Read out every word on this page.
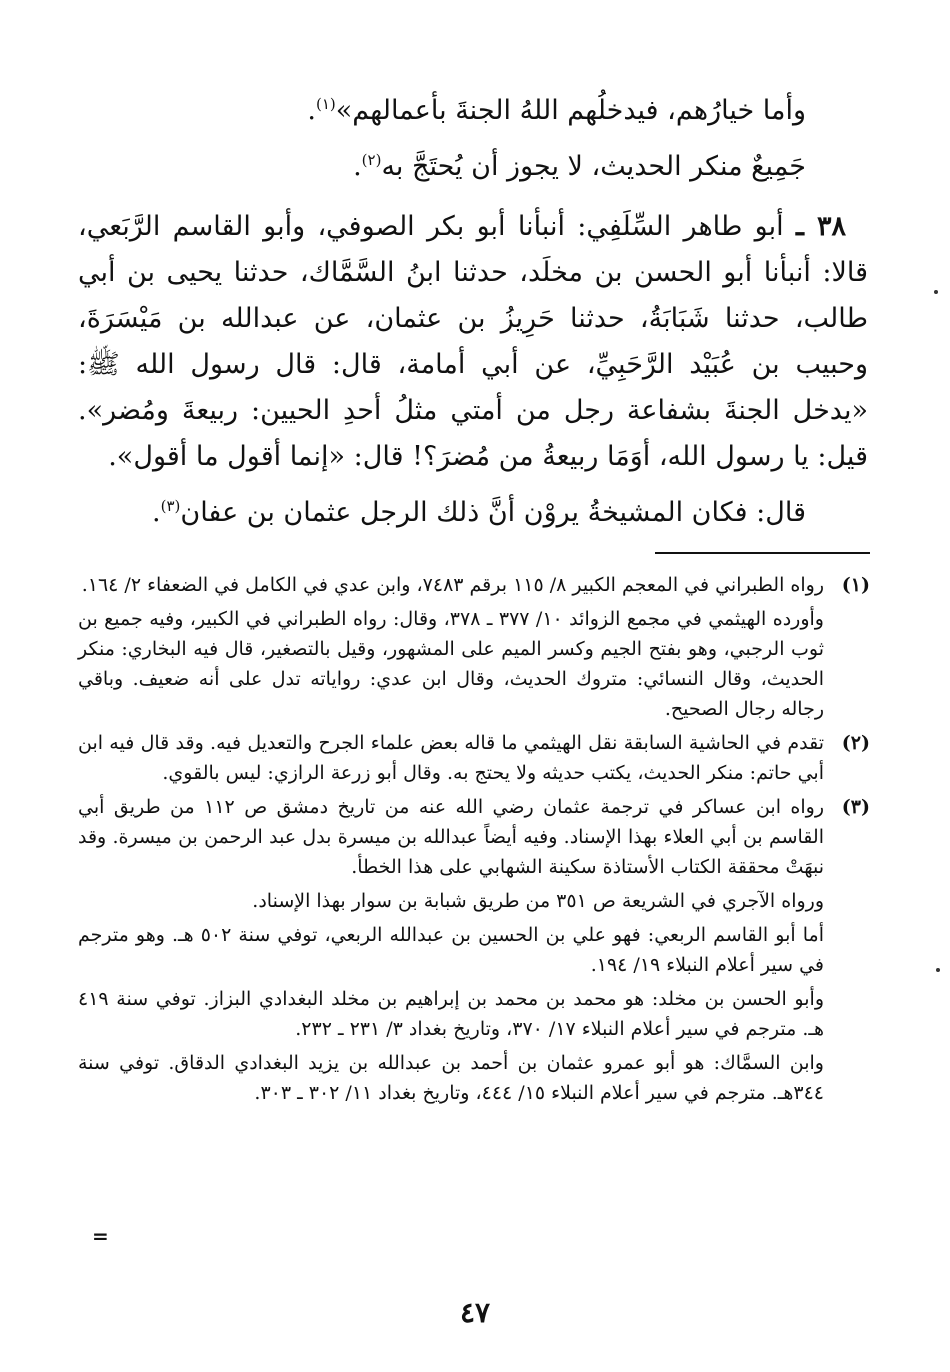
وأما خيارُهم، فيدخلُهم اللهُ الجنةَ بأعمالهم»$^{(١)}$.

جَمِيعٌ منكر الحديث، لا يجوز أن يُحتَجَّ به$^{(٢)}$.

٣٨ ـ أبو طاهر السِّلَفِي: أنبأنا أبو بكر الصوفي، وأبو القاسم الرَّبَعي، قالا: أنبأنا أبو الحسن بن مخلَد، حدثنا ابنُ السَّمَّاك، حدثنا يحيى بن أبي طالب، حدثنا شَبَابَةُ، حدثنا حَرِيزُ بن عثمان، عن عبدالله بن مَيْسَرَةَ، وحبيب بن عُبَيْد الرَّحَبِيِّ، عن أبي أمامة، قال: قال رسول الله ﷺ: «يدخل الجنةَ بشفاعة رجل من أمتي مثلُ أحدِ الحيين: ربيعةَ ومُضر». قيل: يا رسول الله، أوَمَا ربيعةُ من مُضرَ؟! قال: «إنما أقول ما أقول».

قال: فكان المشيخةُ يروْن أنَّ ذلك الرجل عثمان بن عفان$^{(٣)}$.

(١)

رواه الطبراني في المعجم الكبير ٨/ ١١٥ برقم ٧٤٨٣، وابن عدي في الكامل في الضعفاء ٢/ ١٦٤.

وأورده الهيثمي في مجمع الزوائد ١٠/ ٣٧٧ ـ ٣٧٨، وقال: رواه الطبراني في الكبير، وفيه جميع بن ثوب الرجبي، وهو بفتح الجيم وكسر الميم على المشهور، وقيل بالتصغير، قال فيه البخاري: منكر الحديث، وقال النسائي: متروك الحديث، وقال ابن عدي: رواياته تدل على أنه ضعيف. وباقي رجاله رجال الصحيح.

(٢)

تقدم في الحاشية السابقة نقل الهيثمي ما قاله بعض علماء الجرح والتعديل فيه. وقد قال فيه ابن أبي حاتم: منكر الحديث، يكتب حديثه ولا يحتج به. وقال أبو زرعة الرازي: ليس بالقوي.

(٣)

رواه ابن عساكر في ترجمة عثمان رضي الله عنه من تاريخ دمشق ص ١١٢ من طريق أبي القاسم بن أبي العلاء بهذا الإسناد. وفيه أيضاً عبدالله بن ميسرة بدل عبد الرحمن بن ميسرة. وقد نبهَتْ محققة الكتاب الأستاذة سكينة الشهابي على هذا الخطأ.

ورواه الآجري في الشريعة ص ٣٥١ من طريق شبابة بن سوار بهذا الإسناد.

أما أبو القاسم الربعي: فهو علي بن الحسين بن عبدالله الربعي، توفي سنة ٥٠٢ هـ. وهو مترجم في سير أعلام النبلاء ١٩/ ١٩٤.

وأبو الحسن بن مخلد: هو محمد بن محمد بن إبراهيم بن مخلد البغدادي البزاز. توفي سنة ٤١٩ هـ. مترجم في سير أعلام النبلاء ١٧/ ٣٧٠، وتاريخ بغداد ٣/ ٢٣١ ـ ٢٣٢.

وابن السمَّاك: هو أبو عمرو عثمان بن أحمد بن عبدالله بن يزيد البغدادي الدقاق. توفي سنة ٣٤٤هـ. مترجم في سير أعلام النبلاء ١٥/ ٤٤٤، وتاريخ بغداد ١١/ ٣٠٢ ـ ٣٠٣.

=
٤٧
